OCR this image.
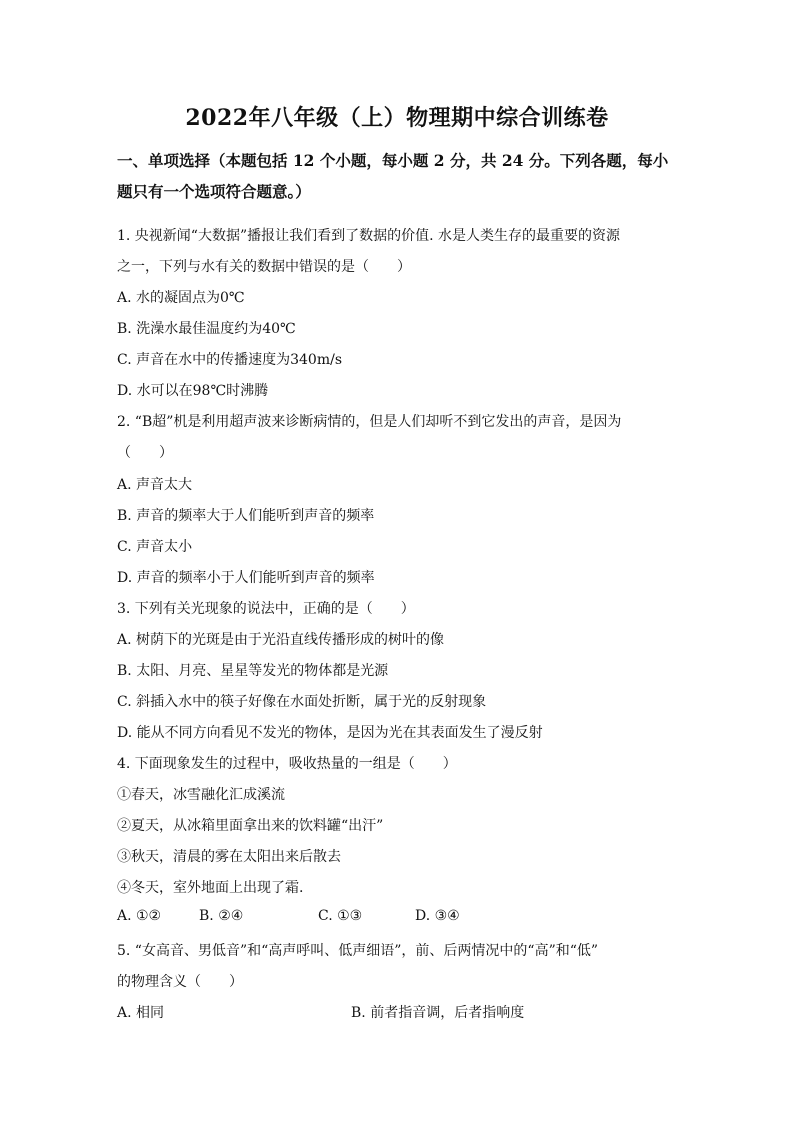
2022年八年级（上）物理期中综合训练卷
一、单项选择（本题包括 12 个小题，每小题 2 分，共 24 分。下列各题，每小
题只有一个选项符合题意。）
1. 央视新闻“大数据”播报让我们看到了数据的价值. 水是人类生存的最重要的资源
之一，下列与水有关的数据中错误的是（　　）
A. 水的凝固点为0℃
B. 洗澡水最佳温度约为40℃
C. 声音在水中的传播速度为340m/s
D. 水可以在98℃时沸腾
2. “B超”机是利用超声波来诊断病情的，但是人们却听不到它发出的声音，是因为
（　　）
A. 声音太大
B. 声音的频率大于人们能听到声音的频率
C. 声音太小
D. 声音的频率小于人们能听到声音的频率
3. 下列有关光现象的说法中，正确的是（　　）
A. 树荫下的光斑是由于光沿直线传播形成的树叶的像
B. 太阳、月亮、星星等发光的物体都是光源
C. 斜插入水中的筷子好像在水面处折断，属于光的反射现象
D. 能从不同方向看见不发光的物体，是因为光在其表面发生了漫反射
4. 下面现象发生的过程中，吸收热量的一组是（　　）
①春天，冰雪融化汇成溪流
②夏天，从冰箱里面拿出来的饮料罐“出汗”
③秋天，清晨的雾在太阳出来后散去
④冬天，室外地面上出现了霜.
A. ①②	B. ②④	C. ①③	D. ③④
5. “女高音、男低音”和“高声呼叫、低声细语”，前、后两情况中的“高”和“低”
的物理含义（　　）
A. 相同	B. 前者指音调，后者指响度
